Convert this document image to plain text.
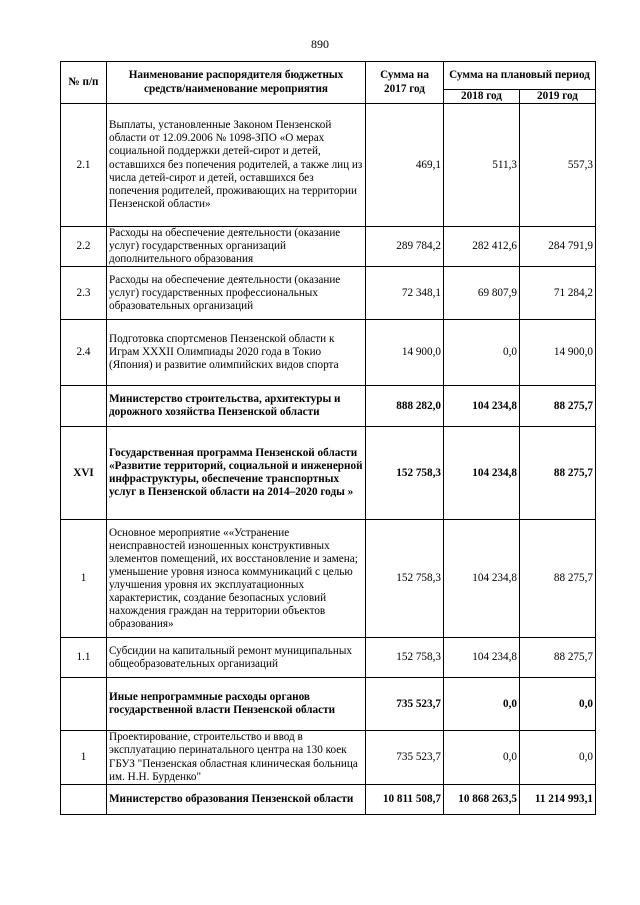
890
№ п/п	Наименование распорядителя бюджетных средств/наименование мероприятия	Сумма на 2017 год	Сумма на плановый период	
			2018 год	2019 год
2.1	Выплаты, установленные Законом Пензенской области от 12.09.2006 № 1098-ЗПО «О мерах социальной поддержки детей-сирот и детей, оставшихся без попечения родителей, а также лиц из числа детей-сирот и детей, оставшихся без попечения родителей, проживающих на территории Пензенской области»	469,1	511,3	557,3
2.2	Расходы на обеспечение деятельности (оказание услуг) государственных организаций дополнительного образования	289 784,2	282 412,6	284 791,9
2.3	Расходы на обеспечение деятельности (оказание услуг) государственных профессиональных образовательных организаций	72 348,1	69 807,9	71 284,2
2.4	Подготовка спортсменов Пензенской области к Играм XXXII Олимпиады 2020 года в Токио (Япония) и развитие олимпийских видов спорта	14 900,0	0,0	14 900,0
	Министерство строительства, архитектуры и дорожного хозяйства Пензенской области	888 282,0	104 234,8	88 275,7
XVI	Государственная программа Пензенской области «Развитие территорий, социальной и инженерной инфраструктуры, обеспечение транспортных услуг в Пензенской области на 2014–2020 годы »	152 758,3	104 234,8	88 275,7
1	Основное мероприятие ««Устранение неисправностей изношенных конструктивных элементов помещений, их восстановление и замена; уменьшение уровня износа коммуникаций с целью улучшения уровня их эксплуатационных характеристик, создание безопасных условий нахождения граждан на территории объектов образования»	152 758,3	104 234,8	88 275,7
1.1	Субсидии на капитальный ремонт муниципальных общеобразовательных организаций	152 758,3	104 234,8	88 275,7
	Иные непрограммные расходы органов государственной власти Пензенской области	735 523,7	0,0	0,0
1	Проектирование, строительство и ввод в эксплуатацию перинатального центра на 130 коек ГБУЗ "Пензенская областная клиническая больница им. Н.Н. Бурденко"	735 523,7	0,0	0,0
	Министерство образования Пензенской области	10 811 508,7	10 868 263,5	11 214 993,1
